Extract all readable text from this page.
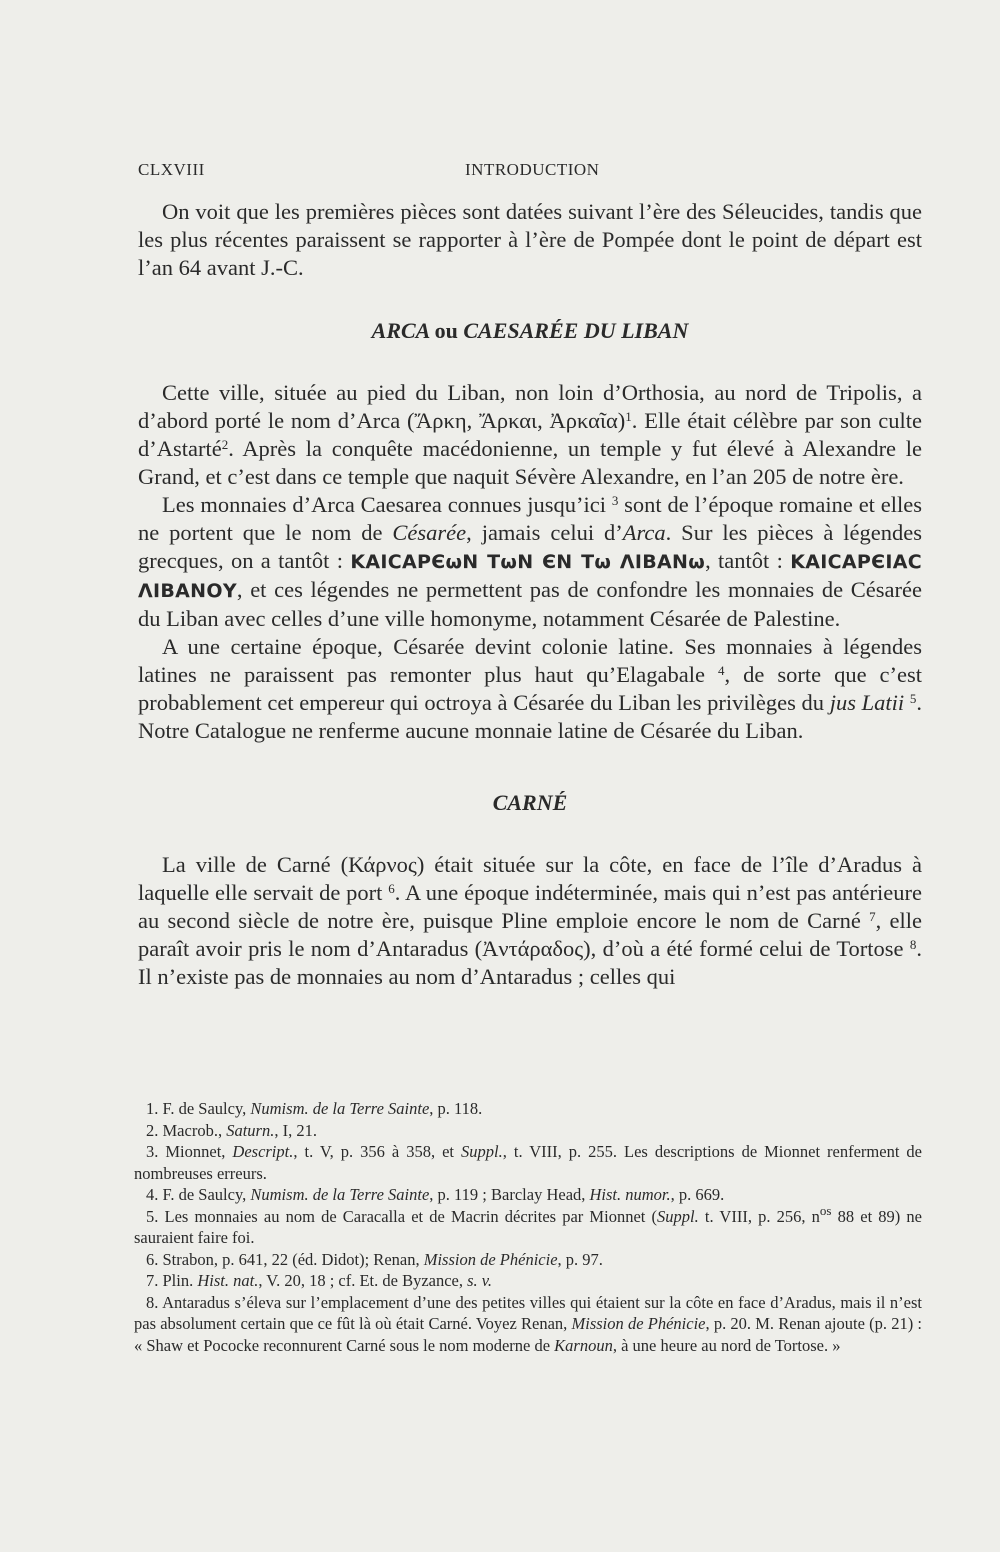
CLXVIII	INTRODUCTION

On voit que les premières pièces sont datées suivant l’ère des Séleucides, tandis que les plus récentes paraissent se rapporter à l’ère de Pompée dont le point de départ est l’an 64 avant J.-C.

ARCA ou CAESARÉE DU LIBAN

Cette ville, située au pied du Liban, non loin d’Orthosia, au nord de Tripolis, a d’abord porté le nom d’Arca (Ἄρκη, Ἄρκαι, Ἀρκαῖα)$^1$. Elle était célèbre par son culte d’Astarté$^2$. Après la conquête macédonienne, un temple y fut élevé à Alexandre le Grand, et c’est dans ce temple que naquit Sévère Alexandre, en l’an 205 de notre ère.

Les monnaies d’Arca Caesarea connues jusqu’ici $^3$ sont de l’époque romaine et elles ne portent que le nom de Césarée, jamais celui d’Arca. Sur les pièces à légendes grecques, on a tantôt : ΚΑΙϹΑΡЄωΝ ΤωΝ ЄΝ Τω ΛΙΒΑΝω, tantôt : ΚΑΙϹΑΡЄΙΑϹ ΛΙΒΑΝΟΥ, et ces légendes ne permettent pas de confondre les monnaies de Césarée du Liban avec celles d’une ville homonyme, notamment Césarée de Palestine.

A une certaine époque, Césarée devint colonie latine. Ses monnaies à légendes latines ne paraissent pas remonter plus haut qu’Elagabale $^4$, de sorte que c’est probablement cet empereur qui octroya à Césarée du Liban les privilèges du jus Latii $^5$. Notre Catalogue ne renferme aucune monnaie latine de Césarée du Liban.

CARNÉ

La ville de Carné (Κάρνος) était située sur la côte, en face de l’île d’Aradus à laquelle elle servait de port $^6$. A une époque indéterminée, mais qui n’est pas antérieure au second siècle de notre ère, puisque Pline emploie encore le nom de Carné $^7$, elle paraît avoir pris le nom d’Antaradus (Ἀντάραδος), d’où a été formé celui de Tortose $^8$. Il n’existe pas de monnaies au nom d’Antaradus ; celles qui

1. F. de Saulcy, Numism. de la Terre Sainte, p. 118.

2. Macrob., Saturn., I, 21.

3. Mionnet, Descript., t. V, p. 356 à 358, et Suppl., t. VIII, p. 255. Les descriptions de Mionnet renferment de nombreuses erreurs.

4. F. de Saulcy, Numism. de la Terre Sainte, p. 119 ; Barclay Head, Hist. numor., p. 669.

5. Les monnaies au nom de Caracalla et de Macrin décrites par Mionnet (Suppl. t. VIII, p. 256, $n^{os}$ 88 et 89) ne sauraient faire foi.

6. Strabon, p. 641, 22 (éd. Didot); Renan, Mission de Phénicie, p. 97.

7. Plin. Hist. nat., V. 20, 18 ; cf. Et. de Byzance, s. v.

8. Antaradus s’éleva sur l’emplacement d’une des petites villes qui étaient sur la côte en face d’Aradus, mais il n’est pas absolument certain que ce fût là où était Carné. Voyez Renan, Mission de Phénicie, p. 20. M. Renan ajoute (p. 21) : « Shaw et Pococke reconnurent Carné sous le nom moderne de Karnoun, à une heure au nord de Tortose. »
